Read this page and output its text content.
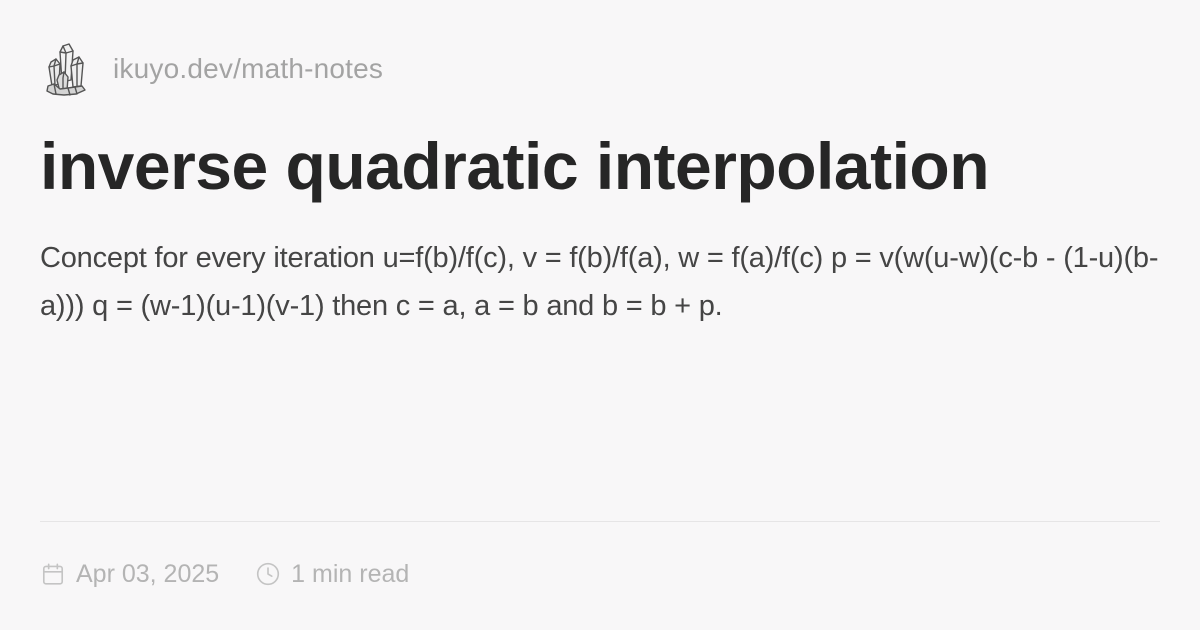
ikuyo.dev/math-notes
inverse quadratic interpolation

Concept for every iteration u=f(b)/f(c), v = f(b)/f(a), w = f(a)/f(c) p = v(w(u-w)(c-b - (1-u)(b-a))) q = (w-1)(u-1)(v-1) then c = a, a = b and b = b + p.

Apr 03, 2025	1 min read
